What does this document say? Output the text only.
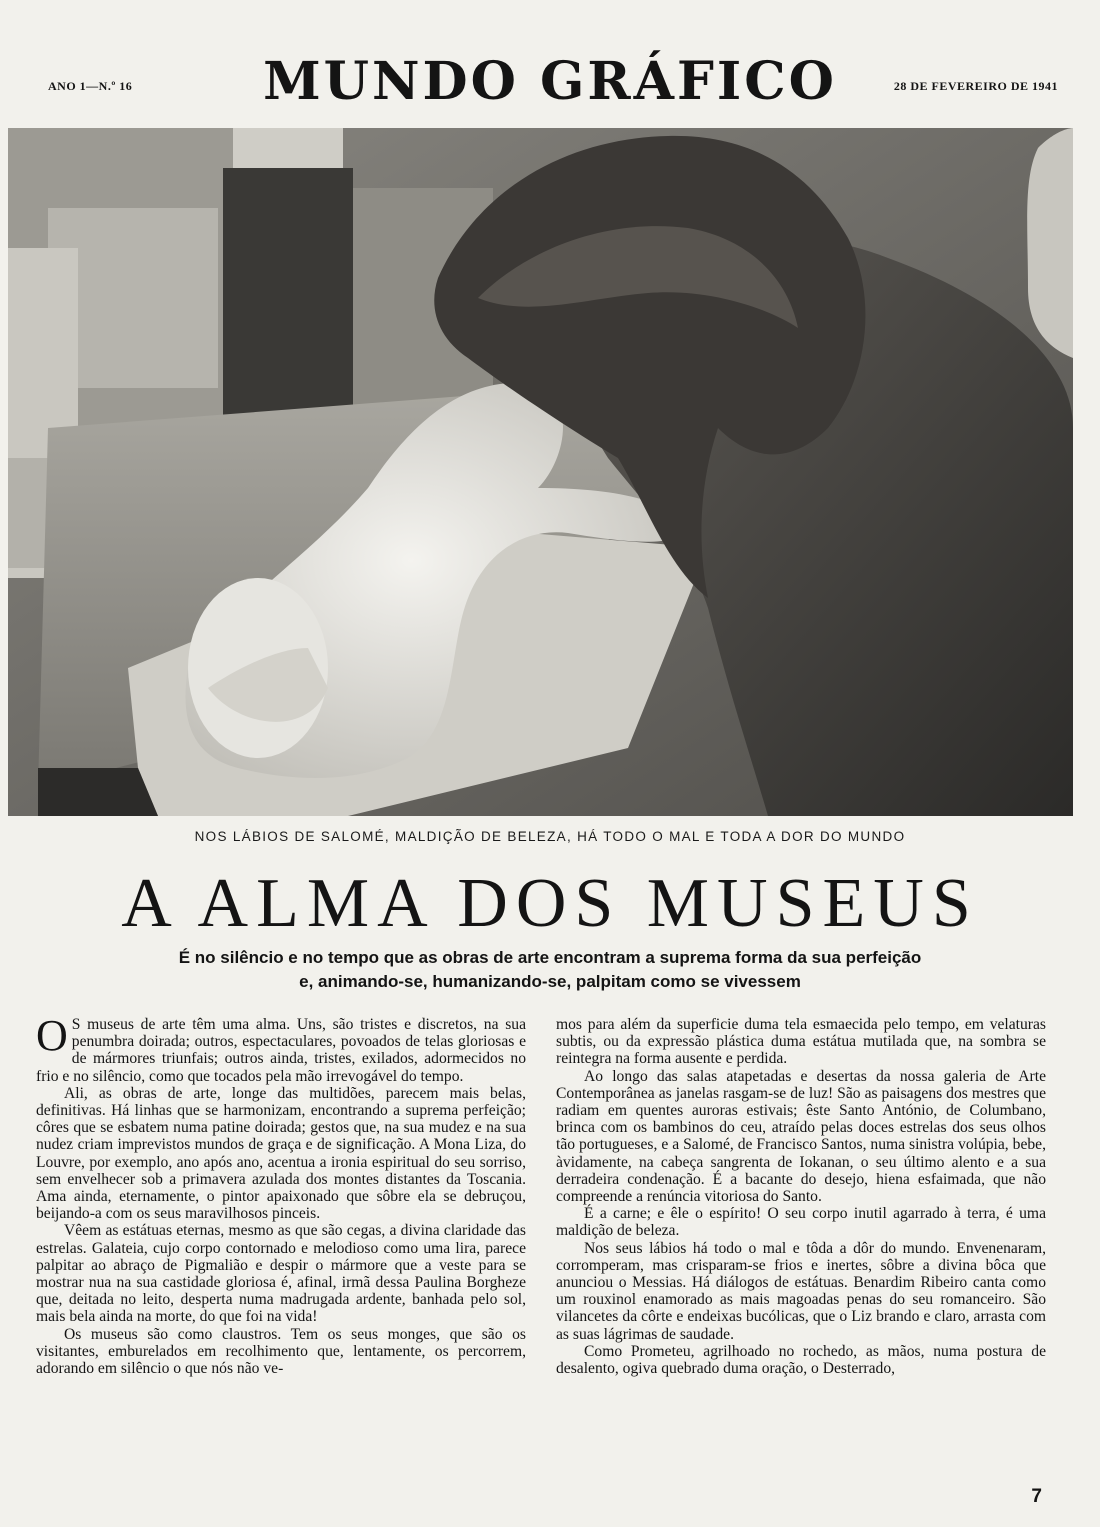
ANO 1—N.º 16	MUNDO GRÁFICO	28 DE FEVEREIRO DE 1941
NOS LÁBIOS DE SALOMÉ, MALDIÇÃO DE BELEZA, HÁ TODO O MAL E TODA A DOR DO MUNDO
A ALMA DOS MUSEUS
É no silêncio e no tempo que as obras de arte encontram a suprema forma da sua perfeição
e, animando-se, humanizando-se, palpitam como se vivessem

O S museus de arte têm uma alma. Uns, são tristes e discretos, na sua penumbra doirada; outros, espectaculares, povoados de telas gloriosas e de mármores triunfais; outros ainda, tristes, exilados, adormecidos no frio e no silêncio, como que tocados pela mão irrevogável do tempo.

Ali, as obras de arte, longe das multidões, parecem mais belas, definitivas. Há linhas que se harmonizam, encontrando a suprema perfeição; côres que se esbatem numa patine doirada; gestos que, na sua mudez e na sua nudez criam imprevistos mundos de graça e de significação. A Mona Liza, do Louvre, por exemplo, ano após ano, acentua a ironia espiritual do seu sorriso, sem envelhecer sob a primavera azulada dos montes distantes da Toscania. Ama ainda, eternamente, o pintor apaixonado que sôbre ela se debruçou, beijando-a com os seus maravilhosos pinceis.

Vêem as estátuas eternas, mesmo as que são cegas, a divina claridade das estrelas. Galateia, cujo corpo contornado e melodioso como uma lira, parece palpitar ao abraço de Pigmalião e despir o mármore que a veste para se mostrar nua na sua castidade gloriosa é, afinal, irmã dessa Paulina Borgheze que, deitada no leito, desperta numa madrugada ardente, banhada pelo sol, mais bela ainda na morte, do que foi na vida!

Os museus são como claustros. Tem os seus monges, que são os visitantes, emburelados em recolhimento que, lentamente, os percorrem, adorando em silêncio o que nós não ve-

mos para além da superficie duma tela esmaecida pelo tempo, em velaturas subtis, ou da expressão plástica duma estátua mutilada que, na sombra se reintegra na forma ausente e perdida.

Ao longo das salas atapetadas e desertas da nossa galeria de Arte Contemporânea as janelas rasgam-se de luz! São as paisagens dos mestres que radiam em quentes auroras estivais; êste Santo António, de Columbano, brinca com os bambinos do ceu, atraído pelas doces estrelas dos seus olhos tão portugueses, e a Salomé, de Francisco Santos, numa sinistra volúpia, bebe, àvidamente, na cabeça sangrenta de Iokanan, o seu último alento e a sua derradeira condenação. É a bacante do desejo, hiena esfaimada, que não compreende a renúncia vitoriosa do Santo.

É a carne; e êle o espírito! O seu corpo inutil agarrado à terra, é uma maldição de beleza.

Nos seus lábios há todo o mal e tôda a dôr do mundo. Envenenaram, corromperam, mas crisparam-se frios e inertes, sôbre a divina bôca que anunciou o Messias. Há diálogos de estátuas. Benardim Ribeiro canta como um rouxinol enamorado as mais magoadas penas do seu romanceiro. São vilancetes da côrte e endeixas bucólicas, que o Liz brando e claro, arrasta com as suas lágrimas de saudade.

Como Prometeu, agrilhoado no rochedo, as mãos, numa postura de desalento, ogiva quebrado duma oração, o Desterrado,

7
